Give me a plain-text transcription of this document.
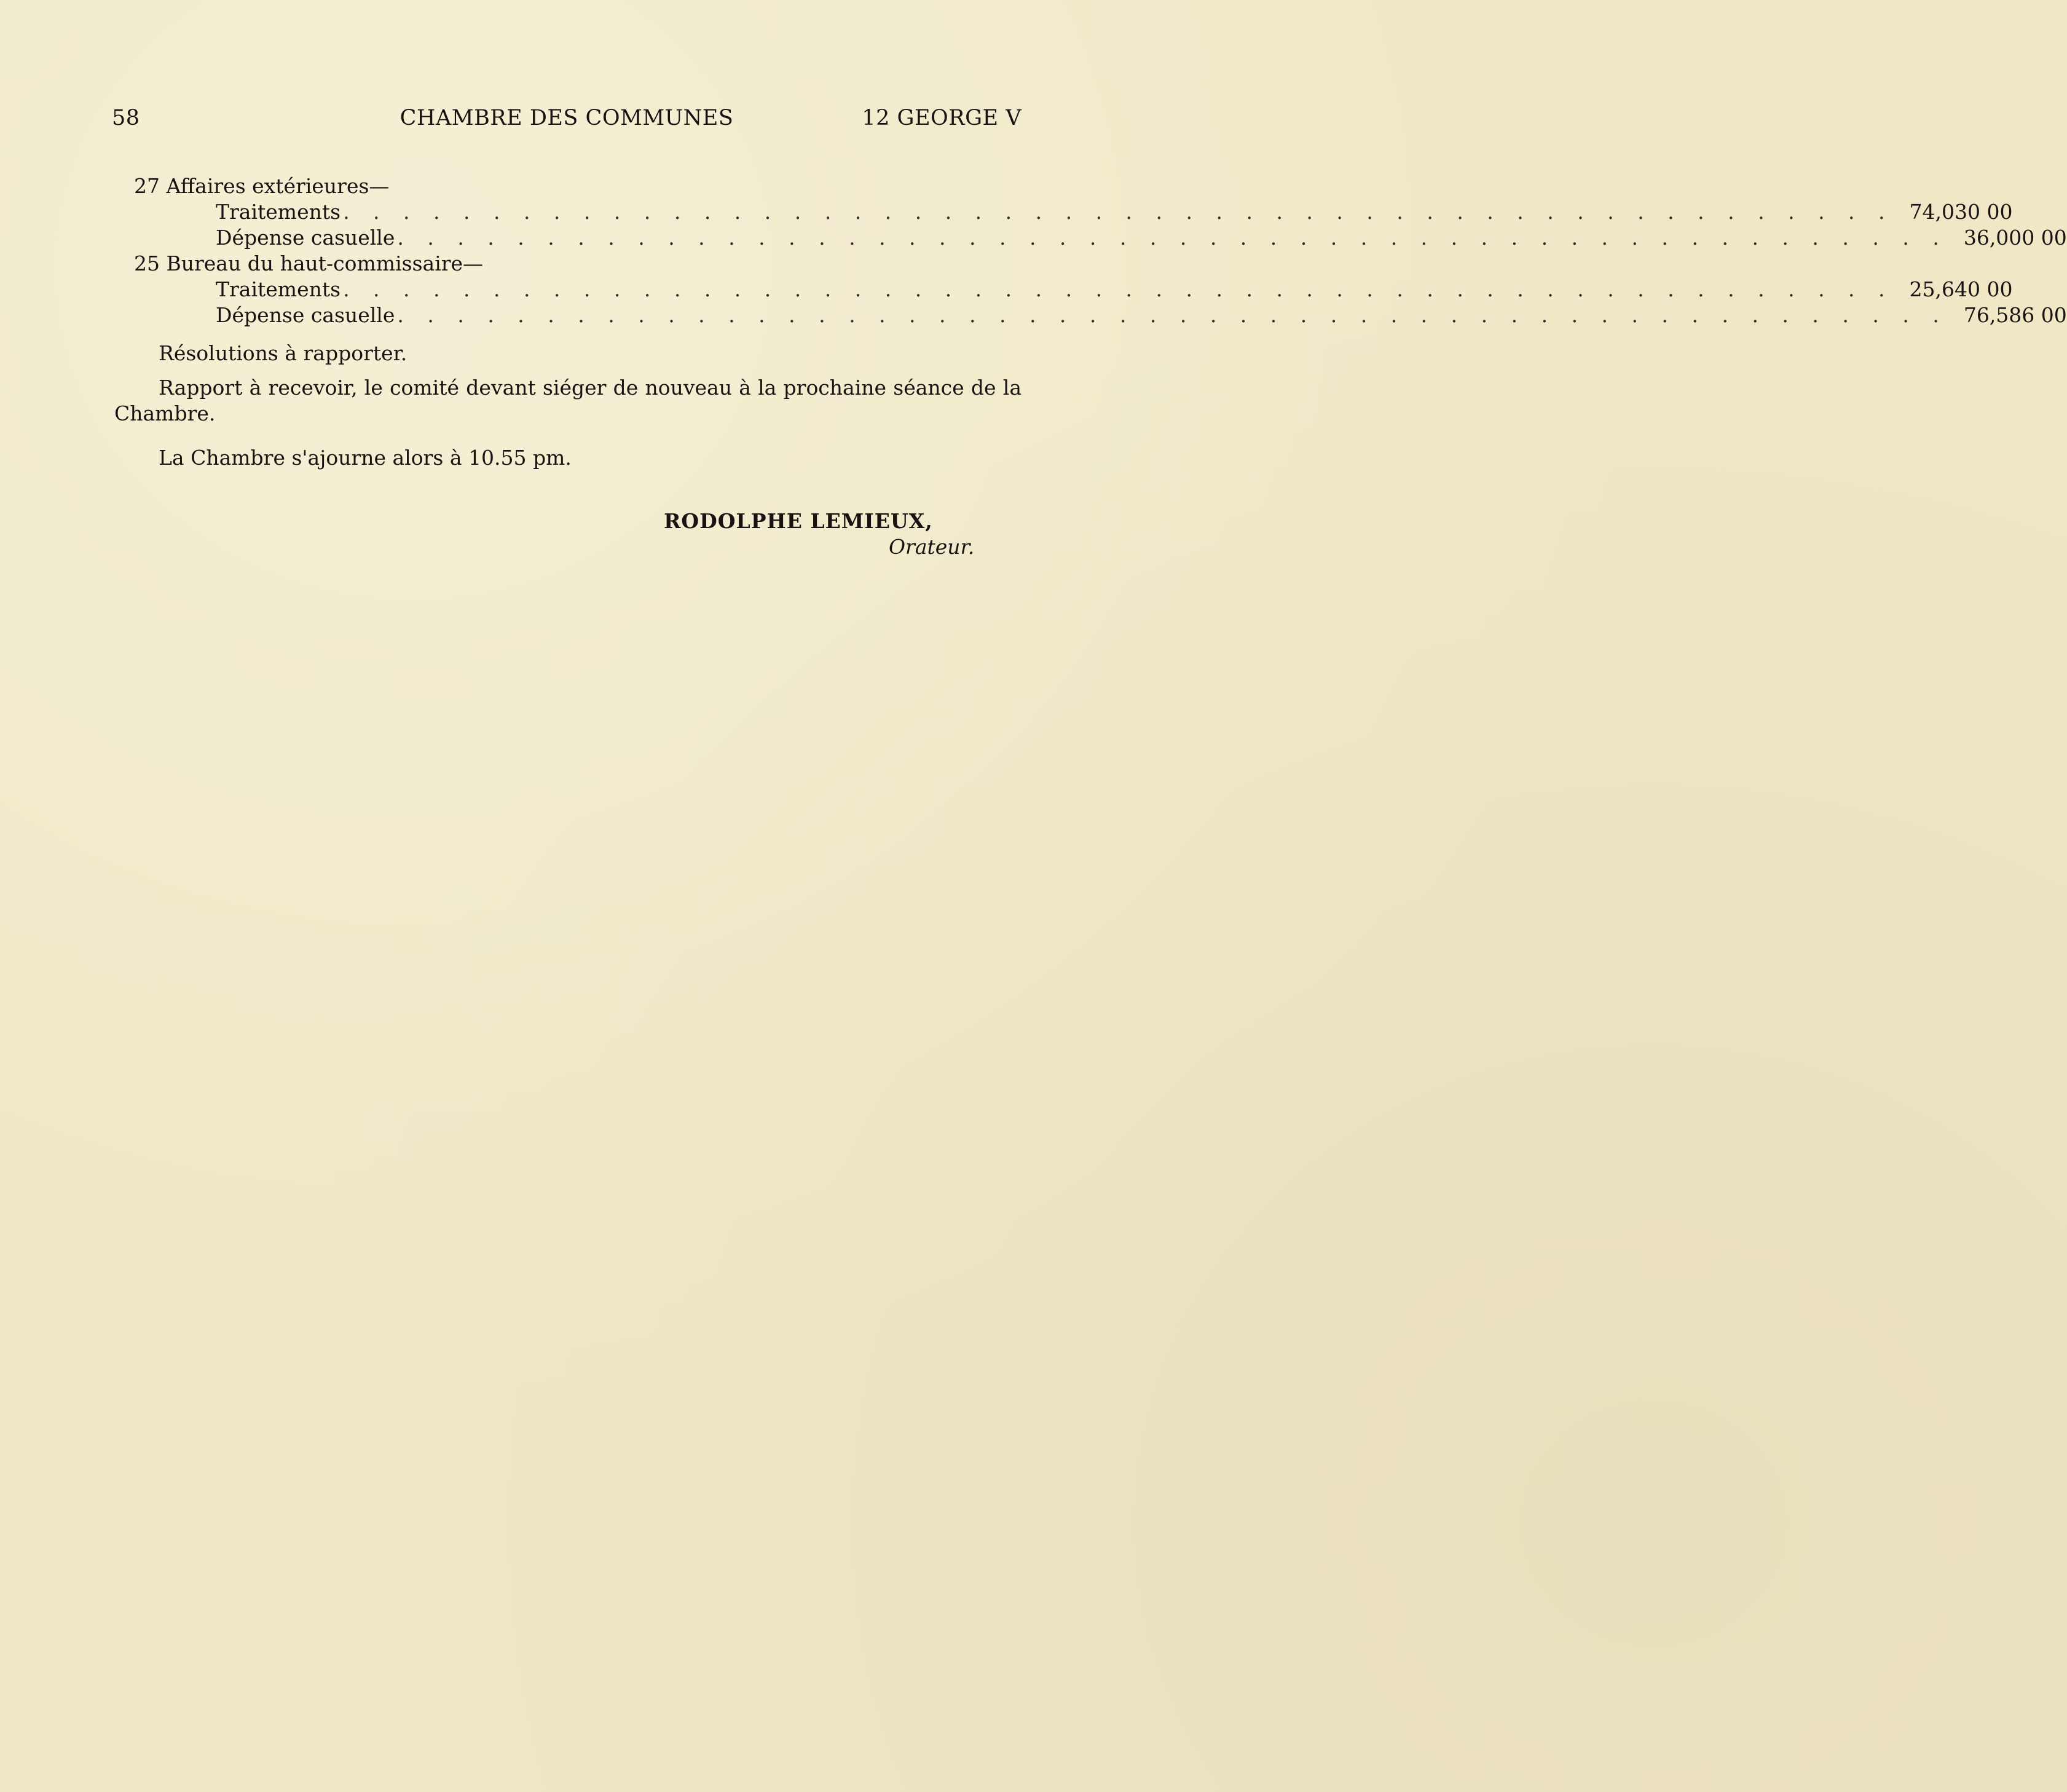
58	CHAMBRE DES COMMUNES	12 GEORGE V
27 Affaires extérieures—
Traitements . . . . . . . . . . . . . . . . . . . . . . . . . . . . . . . . . . . . . . . . . . . . . . . . . . . . 74,030 00
Dépense casuelle . . . . . . . . . . . . . . . . . . . . . . . . . . . . . . . . . . . . . . . . . . . . . . . . . . . . 36,000 00
25 Bureau du haut-commissaire—
Traitements . . . . . . . . . . . . . . . . . . . . . . . . . . . . . . . . . . . . . . . . . . . . . . . . . . . . 25,640 00
Dépense casuelle . . . . . . . . . . . . . . . . . . . . . . . . . . . . . . . . . . . . . . . . . . . . . . . . . . . . 76,586 00

Résolutions à rapporter.

Rapport à recevoir, le comité devant siéger de nouveau à la prochaine séance de la Chambre.

La Chambre s'ajourne alors à 10.55 pm.

RODOLPHE LEMIEUX,
Orateur.
